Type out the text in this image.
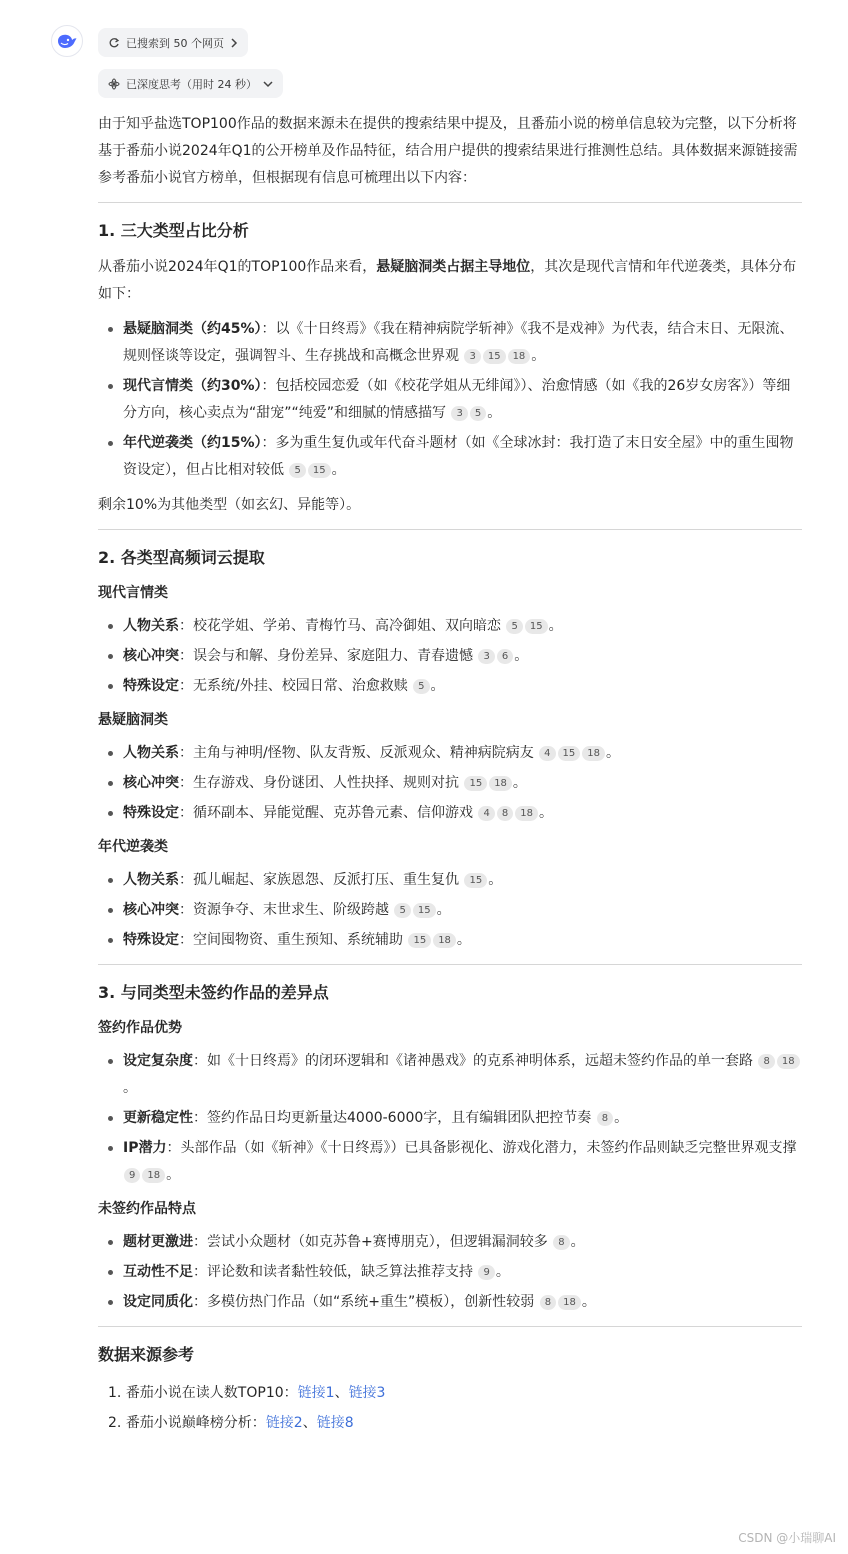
已搜索到 50 个网页
已深度思考（用时 24 秒）

由于知乎盐选TOP100作品的数据来源未在提供的搜索结果中提及，且番茄小说的榜单信息较为完整，以下分析将基于番茄小说2024年Q1的公开榜单及作品特征，结合用户提供的搜索结果进行推测性总结。具体数据来源链接需参考番茄小说官方榜单，但根据现有信息可梳理出以下内容：

1. 三大类型占比分析

从番茄小说2024年Q1的TOP100作品来看，悬疑脑洞类占据主导地位，其次是现代言情和年代逆袭类，具体分布如下：

悬疑脑洞类（约45%）：以《十日终焉》《我在精神病院学斩神》《我不是戏神》为代表，结合末日、无限流、规则怪谈等设定，强调智斗、生存挑战和高概念世界观 3 15 18 。
现代言情类（约30%）：包括校园恋爱（如《校花学姐从无绯闻》）、治愈情感（如《我的26岁女房客》）等细分方向，核心卖点为“甜宠”“纯爱”和细腻的情感描写 3 5 。
年代逆袭类（约15%）：多为重生复仇或年代奋斗题材（如《全球冰封：我打造了末日安全屋》中的重生囤物资设定），但占比相对较低 5 15 。

剩余10%为其他类型（如玄幻、异能等）。

2. 各类型高频词云提取
现代言情类
人物关系：校花学姐、学弟、青梅竹马、高冷御姐、双向暗恋 5 15 。
核心冲突：误会与和解、身份差异、家庭阻力、青春遗憾 3 6 。
特殊设定：无系统/外挂、校园日常、治愈救赎 5 。
悬疑脑洞类
人物关系：主角与神明/怪物、队友背叛、反派观众、精神病院病友 4 15 18 。
核心冲突：生存游戏、身份谜团、人性抉择、规则对抗 15 18 。
特殊设定：循环副本、异能觉醒、克苏鲁元素、信仰游戏 4 8 18 。
年代逆袭类
人物关系：孤儿崛起、家族恩怨、反派打压、重生复仇 15 。
核心冲突：资源争夺、末世求生、阶级跨越 5 15 。
特殊设定：空间囤物资、重生预知、系统辅助 15 18 。
3. 与同类型未签约作品的差异点
签约作品优势
设定复杂度：如《十日终焉》的闭环逻辑和《诸神愚戏》的克系神明体系，远超未签约作品的单一套路 8 18。
更新稳定性：签约作品日均更新量达4000-6000字，且有编辑团队把控节奏 8 。
IP潜力：头部作品（如《斩神》《十日终焉》）已具备影视化、游戏化潜力，未签约作品则缺乏完整世界观支撑 9 18 。
未签约作品特点
题材更激进：尝试小众题材（如克苏鲁+赛博朋克），但逻辑漏洞较多 8 。
互动性不足：评论数和读者黏性较低，缺乏算法推荐支持 9 。
设定同质化：多模仿热门作品（如“系统+重生”模板），创新性较弱 8 18 。
数据来源参考
1. 番茄小说在读人数TOP10：链接1、链接3
2. 番茄小说巅峰榜分析：链接2、链接8
CSDN @小瑞聊AI
